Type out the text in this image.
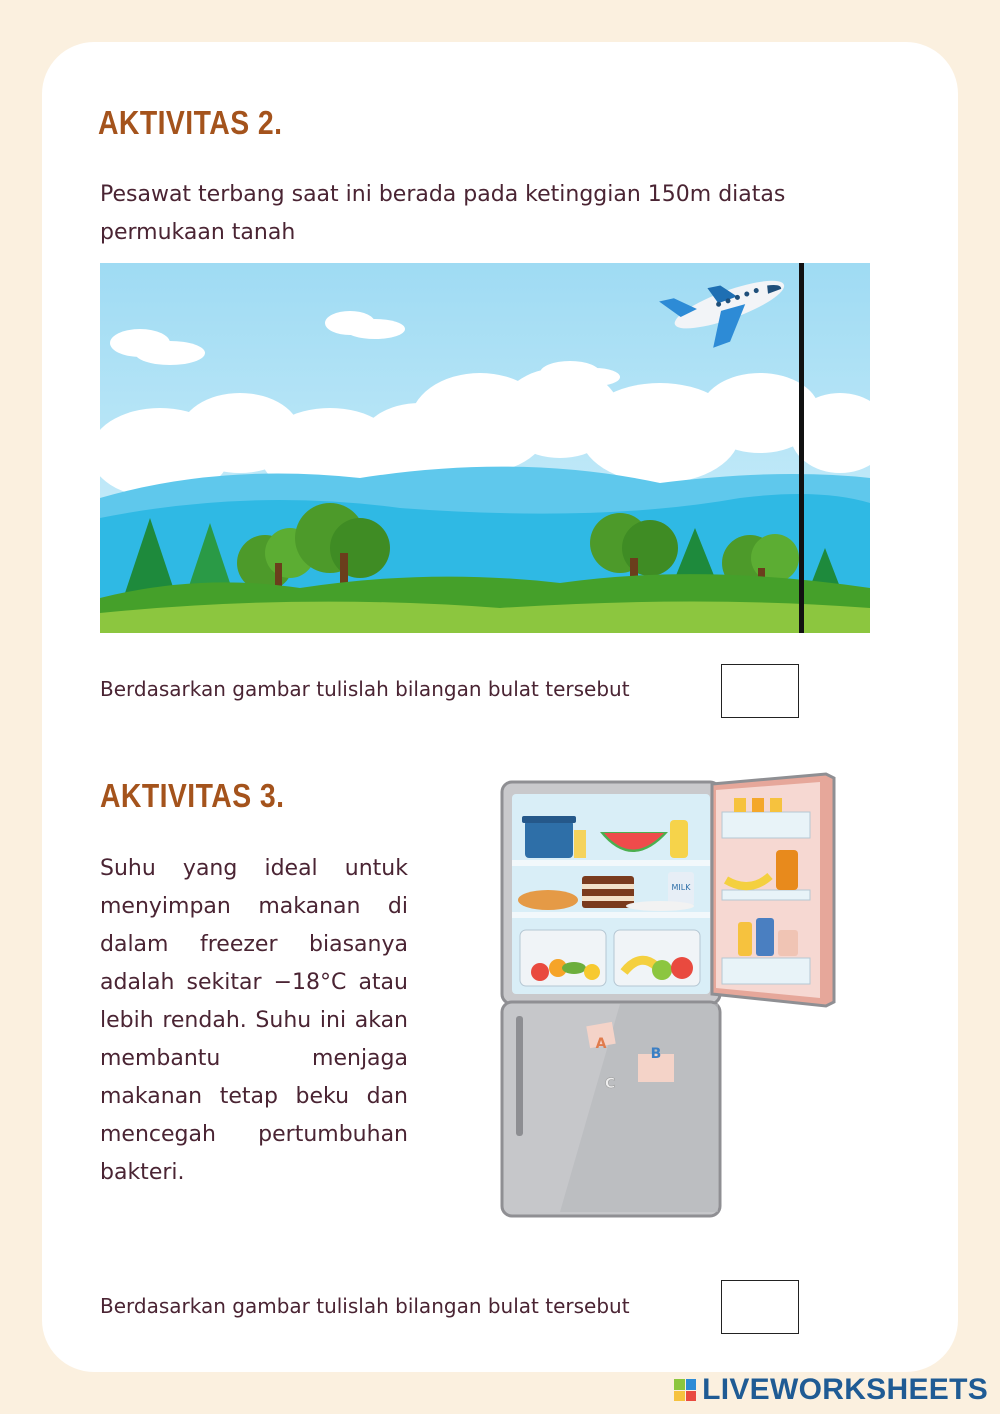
AKTIVITAS 2.

Pesawat terbang saat ini berada pada ketinggian 150m diatas permukaan tanah

Berdasarkan gambar tulislah bilangan bulat tersebut

AKTIVITAS 3.

Suhu yang ideal untuk menyimpan makanan di dalam freezer biasanya adalah sekitar −18°C atau lebih rendah. Suhu ini akan membantu menjaga makanan tetap beku dan mencegah pertumbuhan bakteri.

MILK
A
B
C

Berdasarkan gambar tulislah bilangan bulat tersebut

LIVEWORKSHEETS
